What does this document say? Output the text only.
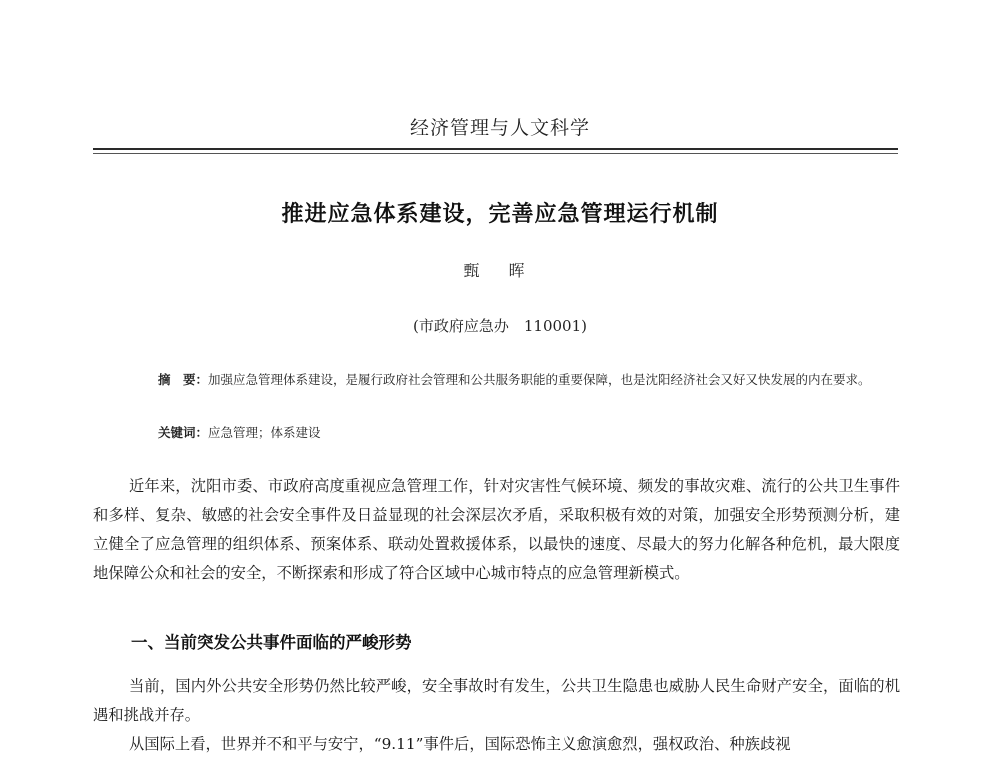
经济管理与人文科学
推进应急体系建设，完善应急管理运行机制
甄 晖
(市政府应急办　110001)
摘　要：加强应急管理体系建设，是履行政府社会管理和公共服务职能的重要保障，也是沈阳经济社会又好又快发展的内在要求。
关键词：应急管理；体系建设
近年来，沈阳市委、市政府高度重视应急管理工作，针对灾害性气候环境、频发的事故灾难、流行的公共卫生事件和多样、复杂、敏感的社会安全事件及日益显现的社会深层次矛盾，采取积极有效的对策，加强安全形势预测分析，建立健全了应急管理的组织体系、预案体系、联动处置救援体系，以最快的速度、尽最大的努力化解各种危机，最大限度地保障公众和社会的安全，不断探索和形成了符合区域中心城市特点的应急管理新模式。
一、当前突发公共事件面临的严峻形势
当前，国内外公共安全形势仍然比较严峻，安全事故时有发生，公共卫生隐患也威胁人民生命财产安全，面临的机遇和挑战并存。
从国际上看，世界并不和平与安宁，“9.11”事件后，国际恐怖主义愈演愈烈，强权政治、种族歧视
